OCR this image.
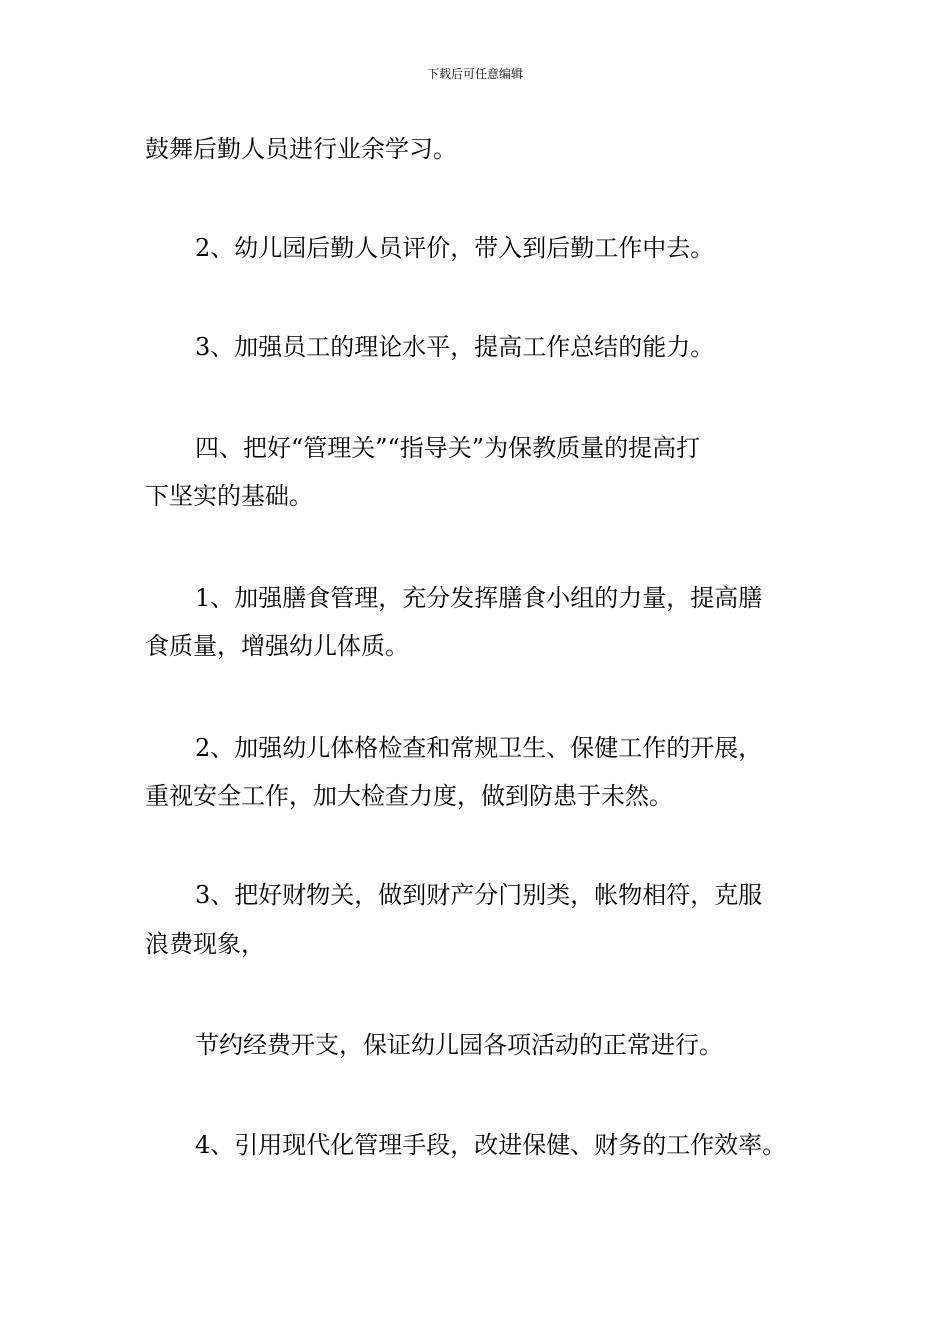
下载后可任意编辑
鼓舞后勤人员进行业余学习。
2、幼儿园后勤人员评价，带入到后勤工作中去。
3、加强员工的理论水平，提高工作总结的能力。
四、把好“管理关”“指导关”为保教质量的提高打
下坚实的基础。
1、加强膳食管理，充分发挥膳食小组的力量，提高膳
食质量，增强幼儿体质。
2、加强幼儿体格检查和常规卫生、保健工作的开展，
重视安全工作，加大检查力度，做到防患于未然。
3、把好财物关，做到财产分门别类，帐物相符，克服
浪费现象，
节约经费开支，保证幼儿园各项活动的正常进行。
4、引用现代化管理手段，改进保健、财务的工作效率。
